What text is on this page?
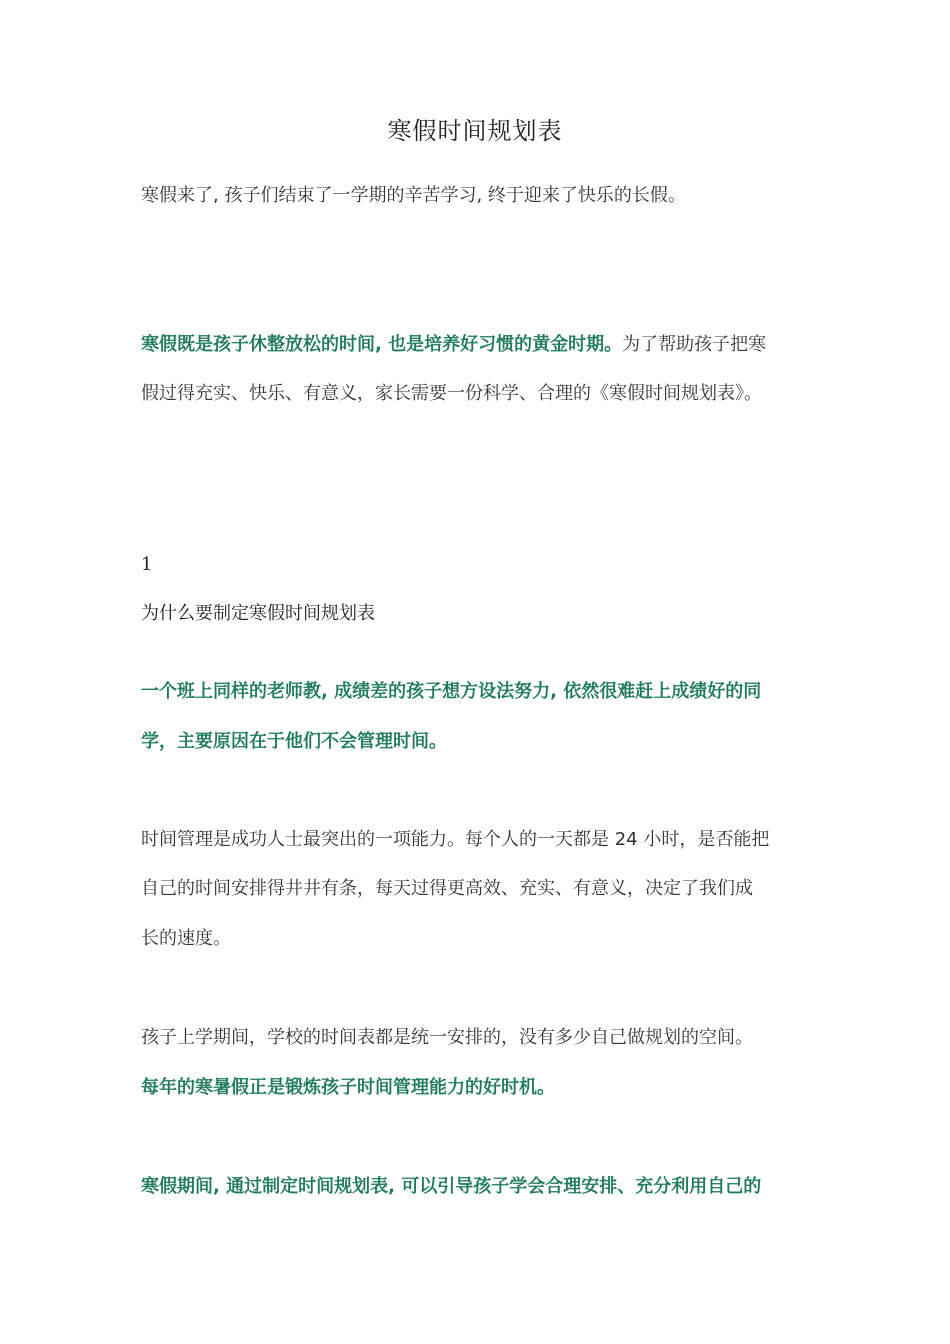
寒假时间规划表
寒假来了, 孩子们结束了一学期的辛苦学习, 终于迎来了快乐的长假。
寒假既是孩子休整放松的时间, 也是培养好习惯的黄金时期。为了帮助孩子把寒
假过得充实、快乐、有意义，家长需要一份科学、合理的《寒假时间规划表》。
1
为什么要制定寒假时间规划表
一个班上同样的老师教, 成绩差的孩子想方设法努力, 依然很难赶上成绩好的同
学，主要原因在于他们不会管理时间。
时间管理是成功人士最突出的一项能力。每个人的一天都是 24 小时，是否能把
自己的时间安排得井井有条，每天过得更高效、充实、有意义，决定了我们成
长的速度。
孩子上学期间，学校的时间表都是统一安排的，没有多少自己做规划的空间。
每年的寒暑假正是锻炼孩子时间管理能力的好时机。
寒假期间, 通过制定时间规划表, 可以引导孩子学会合理安排、充分利用自己的
